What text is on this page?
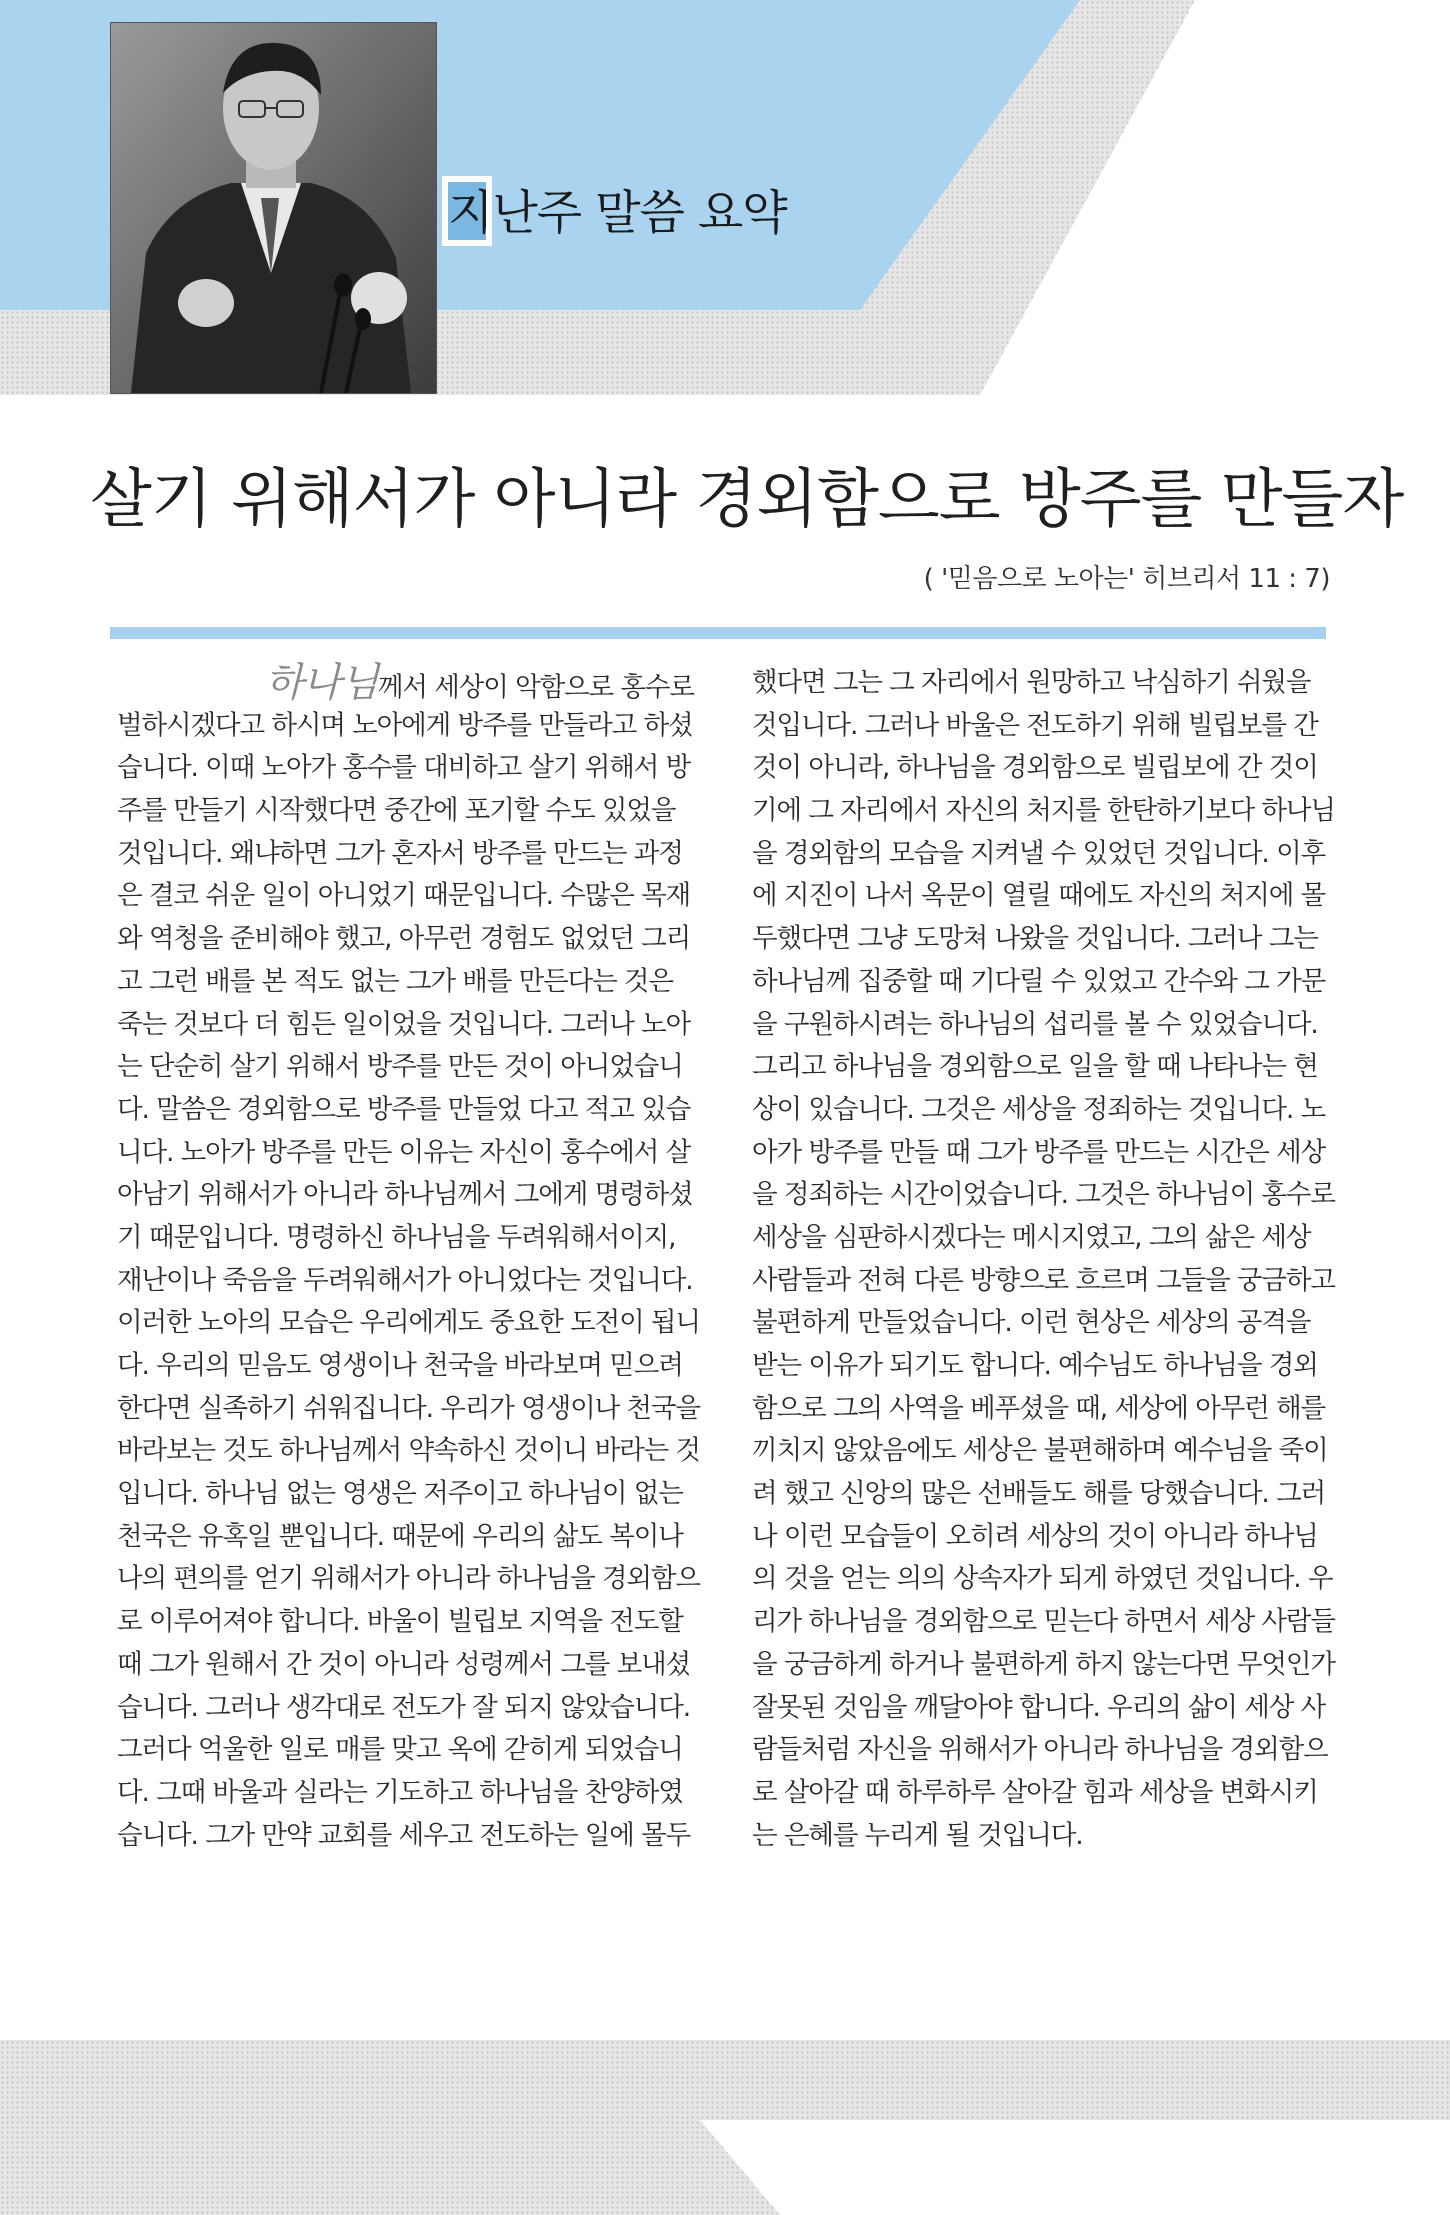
지난주 말씀 요약
살기 위해서가 아니라 경외함으로 방주를 만들자
( '믿음으로 노아는' 히브리서 11 : 7)
하나님께서 세상이 악함으로 홍수로
벌하시겠다고 하시며 노아에게 방주를 만들라고 하셨
습니다. 이때 노아가 홍수를 대비하고 살기 위해서 방
주를 만들기 시작했다면 중간에 포기할 수도 있었을
것입니다. 왜냐하면 그가 혼자서 방주를 만드는 과정
은 결코 쉬운 일이 아니었기 때문입니다. 수많은 목재
와 역청을 준비해야 했고, 아무런 경험도 없었던 그리
고 그런 배를 본 적도 없는 그가 배를 만든다는 것은
죽는 것보다 더 힘든 일이었을 것입니다. 그러나 노아
는 단순히 살기 위해서 방주를 만든 것이 아니었습니
다. 말씀은 경외함으로 방주를 만들었 다고 적고 있습
니다. 노아가 방주를 만든 이유는 자신이 홍수에서 살
아남기 위해서가 아니라 하나님께서 그에게 명령하셨
기 때문입니다. 명령하신 하나님을 두려워해서이지,
재난이나 죽음을 두려워해서가 아니었다는 것입니다.
이러한 노아의 모습은 우리에게도 중요한 도전이 됩니
다. 우리의 믿음도 영생이나 천국을 바라보며 믿으려
한다면 실족하기 쉬워집니다. 우리가 영생이나 천국을
바라보는 것도 하나님께서 약속하신 것이니 바라는 것
입니다. 하나님 없는 영생은 저주이고 하나님이 없는
천국은 유혹일 뿐입니다. 때문에 우리의 삶도 복이나
나의 편의를 얻기 위해서가 아니라 하나님을 경외함으
로 이루어져야 합니다. 바울이 빌립보 지역을 전도할
때 그가 원해서 간 것이 아니라 성령께서 그를 보내셨
습니다. 그러나 생각대로 전도가 잘 되지 않았습니다.
그러다 억울한 일로 매를 맞고 옥에 갇히게 되었습니
다. 그때 바울과 실라는 기도하고 하나님을 찬양하였
습니다. 그가 만약 교회를 세우고 전도하는 일에 몰두
했다면 그는 그 자리에서 원망하고 낙심하기 쉬웠을
것입니다. 그러나 바울은 전도하기 위해 빌립보를 간
것이 아니라, 하나님을 경외함으로 빌립보에 간 것이
기에 그 자리에서 자신의 처지를 한탄하기보다 하나님
을 경외함의 모습을 지켜낼 수 있었던 것입니다. 이후
에 지진이 나서 옥문이 열릴 때에도 자신의 처지에 몰
두했다면 그냥 도망쳐 나왔을 것입니다. 그러나 그는
하나님께 집중할 때 기다릴 수 있었고 간수와 그 가문
을 구원하시려는 하나님의 섭리를 볼 수 있었습니다.
그리고 하나님을 경외함으로 일을 할 때 나타나는 현
상이 있습니다. 그것은 세상을 정죄하는 것입니다. 노
아가 방주를 만들 때 그가 방주를 만드는 시간은 세상
을 정죄하는 시간이었습니다. 그것은 하나님이 홍수로
세상을 심판하시겠다는 메시지였고, 그의 삶은 세상
사람들과 전혀 다른 방향으로 흐르며 그들을 궁금하고
불편하게 만들었습니다. 이런 현상은 세상의 공격을
받는 이유가 되기도 합니다. 예수님도 하나님을 경외
함으로 그의 사역을 베푸셨을 때, 세상에 아무런 해를
끼치지 않았음에도 세상은 불편해하며 예수님을 죽이
려 했고 신앙의 많은 선배들도 해를 당했습니다. 그러
나 이런 모습들이 오히려 세상의 것이 아니라 하나님
의 것을 얻는 의의 상속자가 되게 하였던 것입니다. 우
리가 하나님을 경외함으로 믿는다 하면서 세상 사람들
을 궁금하게 하거나 불편하게 하지 않는다면 무엇인가
잘못된 것임을 깨달아야 합니다. 우리의 삶이 세상 사
람들처럼 자신을 위해서가 아니라 하나님을 경외함으
로 살아갈 때 하루하루 살아갈 힘과 세상을 변화시키
는 은혜를 누리게 될 것입니다.
